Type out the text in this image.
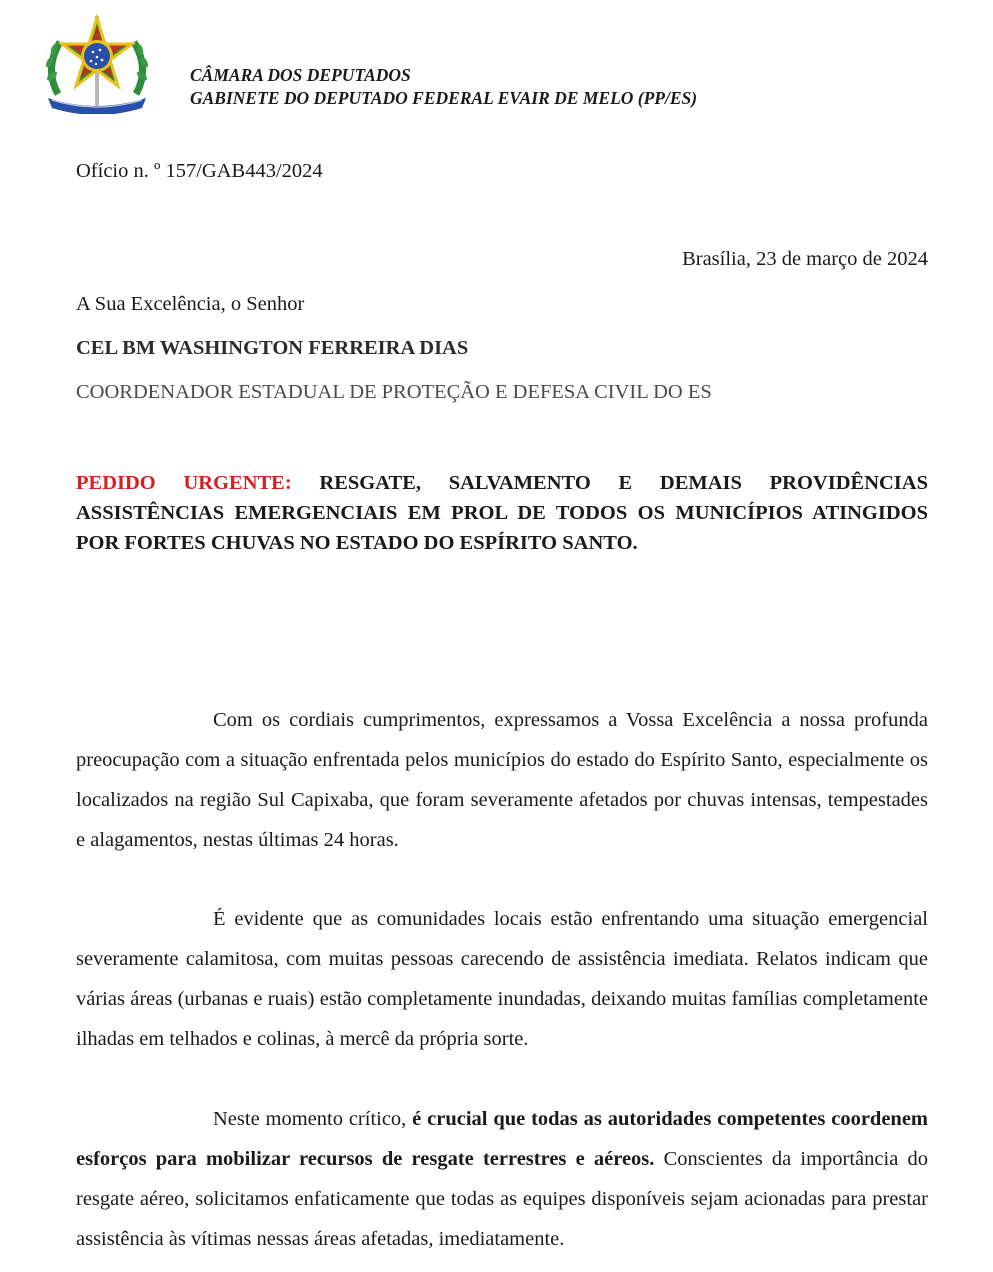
CÂMARA DOS DEPUTADOS
GABINETE DO DEPUTADO FEDERAL EVAIR DE MELO (PP/ES)
Ofício n. º 157/GAB443/2024
Brasília, 23 de março de 2024
A Sua Excelência, o Senhor
CEL BM WASHINGTON FERREIRA DIAS
COORDENADOR ESTADUAL DE PROTEÇÃO E DEFESA CIVIL DO ES
PEDIDO URGENTE: RESGATE, SALVAMENTO E DEMAIS PROVIDÊNCIAS ASSISTÊNCIAS EMERGENCIAIS EM PROL DE TODOS OS MUNICÍPIOS ATINGIDOS POR FORTES CHUVAS NO ESTADO DO ESPÍRITO SANTO.

Com os cordiais cumprimentos, expressamos a Vossa Excelência a nossa profunda preocupação com a situação enfrentada pelos municípios do estado do Espírito Santo, especialmente os localizados na região Sul Capixaba, que foram severamente afetados por chuvas intensas, tempestades e alagamentos, nestas últimas 24 horas.

É evidente que as comunidades locais estão enfrentando uma situação emergencial severamente calamitosa, com muitas pessoas carecendo de assistência imediata. Relatos indicam que várias áreas (urbanas e ruais) estão completamente inundadas, deixando muitas famílias completamente ilhadas em telhados e colinas, à mercê da própria sorte.

Neste momento crítico, é crucial que todas as autoridades competentes coordenem esforços para mobilizar recursos de resgate terrestres e aéreos. Conscientes da importância do resgate aéreo, solicitamos enfaticamente que todas as equipes disponíveis sejam acionadas para prestar assistência às vítimas nessas áreas afetadas, imediatamente.
